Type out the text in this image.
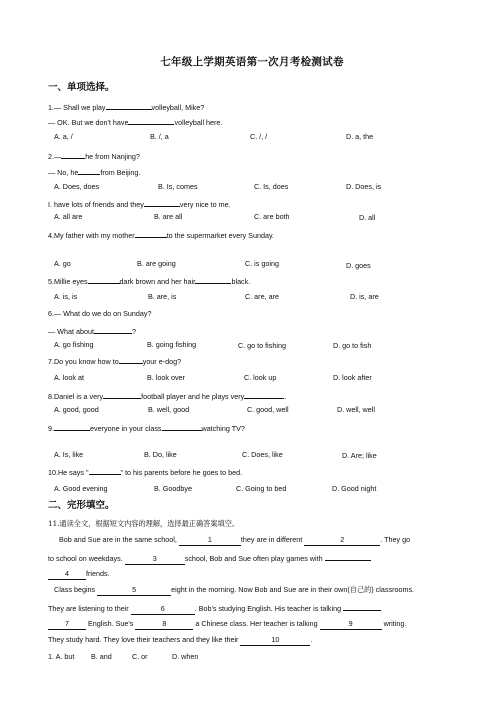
七年级上学期英语第一次月考检测试卷
一、单项选择。
1.— Shall we play	volleyball, Mike?
— OK. But we don't have	volleyball here.
A. a, /	B. /, a	C. /, /	D. a, the
2.—	he from Nanjing?
— No, he	from Beijing.
A. Does, does	B. Is, comes	C. Is, does	D. Does, is
I. have lots of friends and they	very nice to me.
A. all are	B. are all	C. are both	D. all
4.My father with my mother	to the supermarket every Sunday.
A. go	B. are going	C. is going	D. goes
5.Millie eyes	dark brown and her hair	black.
A. is, is	B. are, is	C. are, are	D. is, are
6.— What do we do on Sunday?
— What about	?
A. go fishing	B. going fishing	C. go to fishing	D. go to fish
7.Do you know how to	your e-dog?
A. look at	B. look over	C. look up	D. look after
8.Daniel is a very	football player and he plays very	.
A. good, good	B. well, good	C. good, well	D. well, well
9.	everyone in your class	watching TV?
A. Is, like	B. Do, like	C. Does, like	D. Are; like
10.He says "	" to his parents before he goes to bed.
A. Good evening	B. Goodbye	C. Going to bed	D. Good night
二、完形填空。
11.通读全文，根据短文内容的理解，选择最正确答案填空。
Bob and Sue are in the same school,	1	they are in different	2	. They go
to school on weekdays.	3	school, Bob and Sue often play games with
4 friends.
Class begins	5	eight in the morning. Now Bob and Sue are in their own(自己的) classrooms.
They are listening to their	6	. Bob's studying English. His teacher is talking
7	English. Sue's	8	a Chinese class. Her teacher is talking	9	writing.
They study hard. They love their teachers and they like their	10	.
1. A. but B. and	C. or	D. when
